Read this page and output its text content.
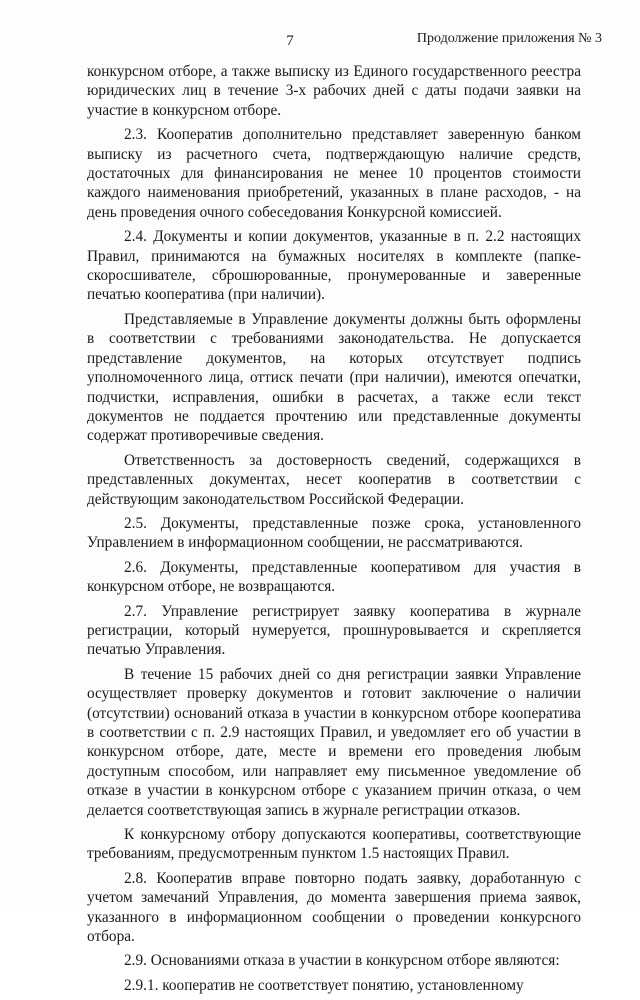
7	Продолжение приложения № 3

конкурсном отборе, а также выписку из Единого государственного реестра юридических лиц в течение 3-х рабочих дней с даты подачи заявки на участие в конкурсном отборе.

2.3. Кооператив дополнительно представляет заверенную банком выписку из расчетного счета, подтверждающую наличие средств, достаточных для финансирования не менее 10 процентов стоимости каждого наименования приобретений, указанных в плане расходов, - на день проведения очного собеседования Конкурсной комиссией.

2.4. Документы и копии документов, указанные в п. 2.2 настоящих Правил, принимаются на бумажных носителях в комплекте (папке-скоросшивателе, сброшюрованные, пронумерованные и заверенные печатью кооператива (при наличии).

Представляемые в Управление документы должны быть оформлены в соответствии с требованиями законодательства. Не допускается представление документов, на которых отсутствует подпись уполномоченного лица, оттиск печати (при наличии), имеются опечатки, подчистки, исправления, ошибки в расчетах, а также если текст документов не поддается прочтению или представленные документы содержат противоречивые сведения.

Ответственность за достоверность сведений, содержащихся в представленных документах, несет кооператив в соответствии с действующим законодательством Российской Федерации.

2.5. Документы, представленные позже срока, установленного Управлением в информационном сообщении, не рассматриваются.

2.6. Документы, представленные кооперативом для участия в конкурсном отборе, не возвращаются.

2.7. Управление регистрирует заявку кооператива в журнале регистрации, который нумеруется, прошнуровывается и скрепляется печатью Управления.

В течение 15 рабочих дней со дня регистрации заявки Управление осуществляет проверку документов и готовит заключение о наличии (отсутствии) оснований отказа в участии в конкурсном отборе кооператива в соответствии с п. 2.9 настоящих Правил, и уведомляет его об участии в конкурсном отборе, дате, месте и времени его проведения любым доступным способом, или направляет ему письменное уведомление об отказе в участии в конкурсном отборе с указанием причин отказа, о чем делается соответствующая запись в журнале регистрации отказов.

К конкурсному отбору допускаются кооперативы, соответствующие требованиям, предусмотренным пунктом 1.5 настоящих Правил.

2.8. Кооператив вправе повторно подать заявку, доработанную с учетом замечаний Управления, до момента завершения приема заявок, указанного в информационном сообщении о проведении конкурсного отбора.

2.9. Основаниями отказа в участии в конкурсном отборе являются:

2.9.1. кооператив не соответствует понятию, установленному
